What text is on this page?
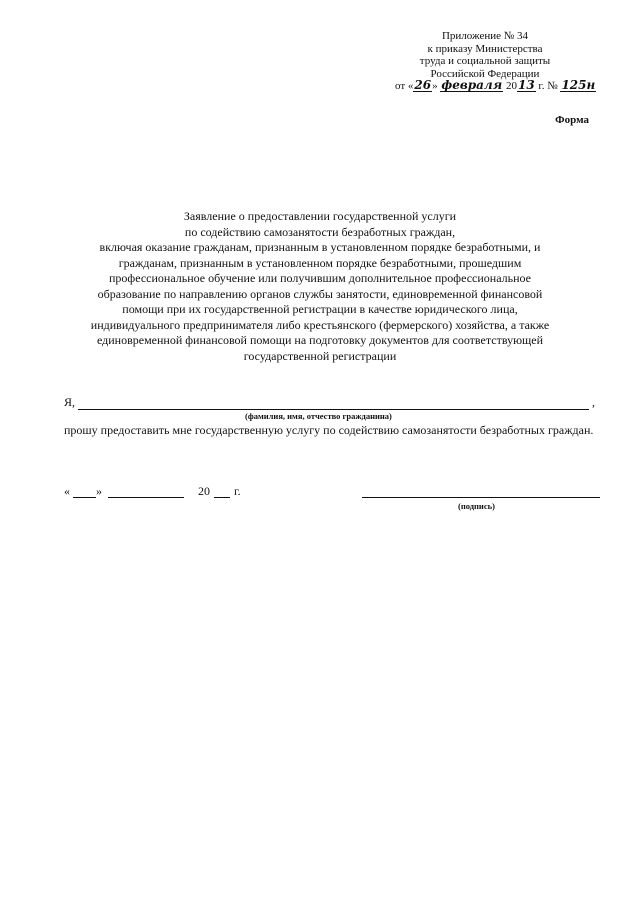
Приложение № 34
к приказу Министерства
труда и социальной защиты
Российской Федерации
от «26» февраля 2013 г. № 125н
Форма
Заявление о предоставлении государственной услуги
по содействию самозанятости безработных граждан,
включая оказание гражданам, признанным в установленном порядке безработными, и
гражданам, признанным в установленном порядке безработными, прошедшим
профессиональное обучение или получившим дополнительное профессиональное
образование по направлению органов службы занятости, единовременной финансовой
помощи при их государственной регистрации в качестве юридического лица,
индивидуального предпринимателя либо крестьянского (фермерского) хозяйства, а также
единовременной финансовой помощи на подготовку документов для соответствующей
государственной регистрации
Я,	,
(фамилия, имя, отчество гражданина)
прошу предоставить мне государственную услугу по содействию самозанятости безработных граждан.
« »	20 г.
(подпись)
